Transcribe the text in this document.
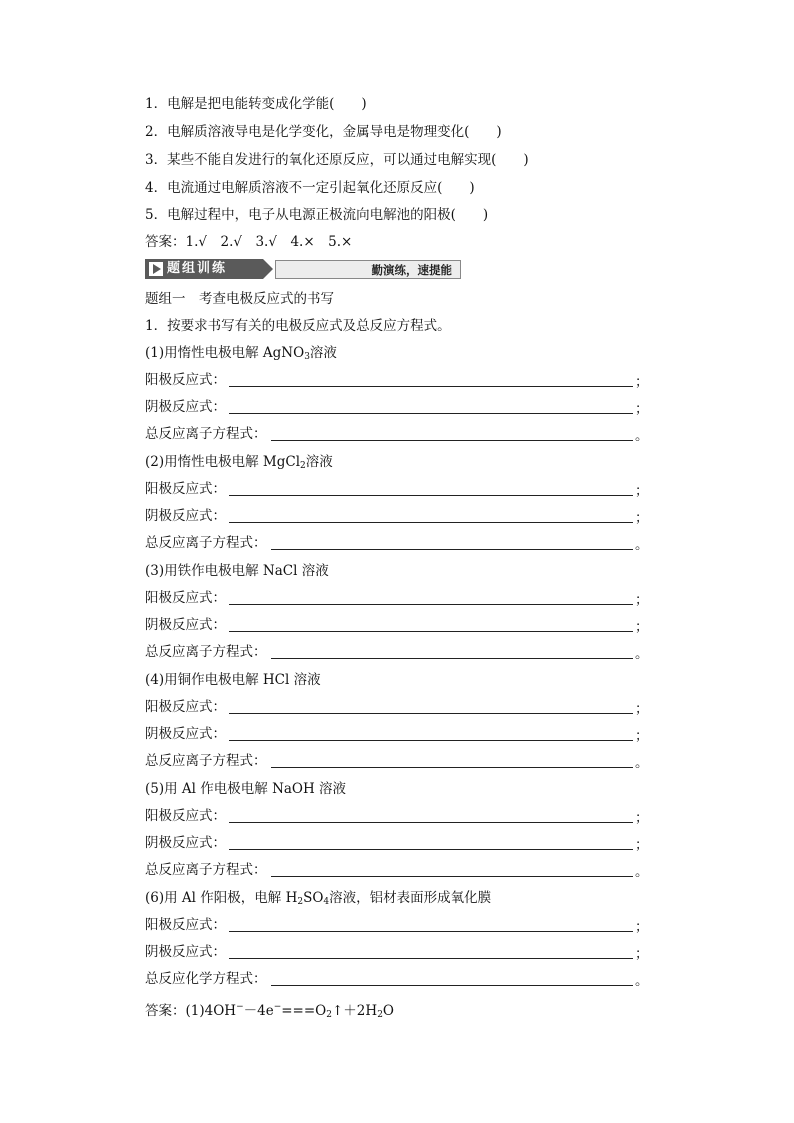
1．电解是把电能转变成化学能(　　)
2．电解质溶液导电是化学变化，金属导电是物理变化(　　)
3．某些不能自发进行的氧化还原反应，可以通过电解实现(　　)
4．电流通过电解质溶液不一定引起氧化还原反应(　　)
5．电解过程中，电子从电源正极流向电解池的阳极(　　)
答案：1.√　2.√　3.√　4.×　5.×
题组训练	勤演练，速提能
题组一　考查电极反应式的书写
1．按要求书写有关的电极反应式及总反应方程式。
(1)用惰性电极电解 AgNO$_3$溶液
阳极反应式：	；
阴极反应式：	；
总反应离子方程式：	。
(2)用惰性电极电解 MgCl$_2$溶液
阳极反应式：	；
阴极反应式：	；
总反应离子方程式：	。
(3)用铁作电极电解 NaCl 溶液
阳极反应式：	；
阴极反应式：	；
总反应离子方程式：	。
(4)用铜作电极电解 HCl 溶液
阳极反应式：	；
阴极反应式：	；
总反应离子方程式：	。
(5)用 Al 作电极电解 NaOH 溶液
阳极反应式：	；
阴极反应式：	；
总反应离子方程式：	。
(6)用 Al 作阳极，电解 $H_2SO_4$溶液，铝材表面形成氧化膜
阳极反应式：	；
阴极反应式：	；
总反应化学方程式：	。
答案：$(1)4OH^--4e^-===O_2↑+2H_2O$
